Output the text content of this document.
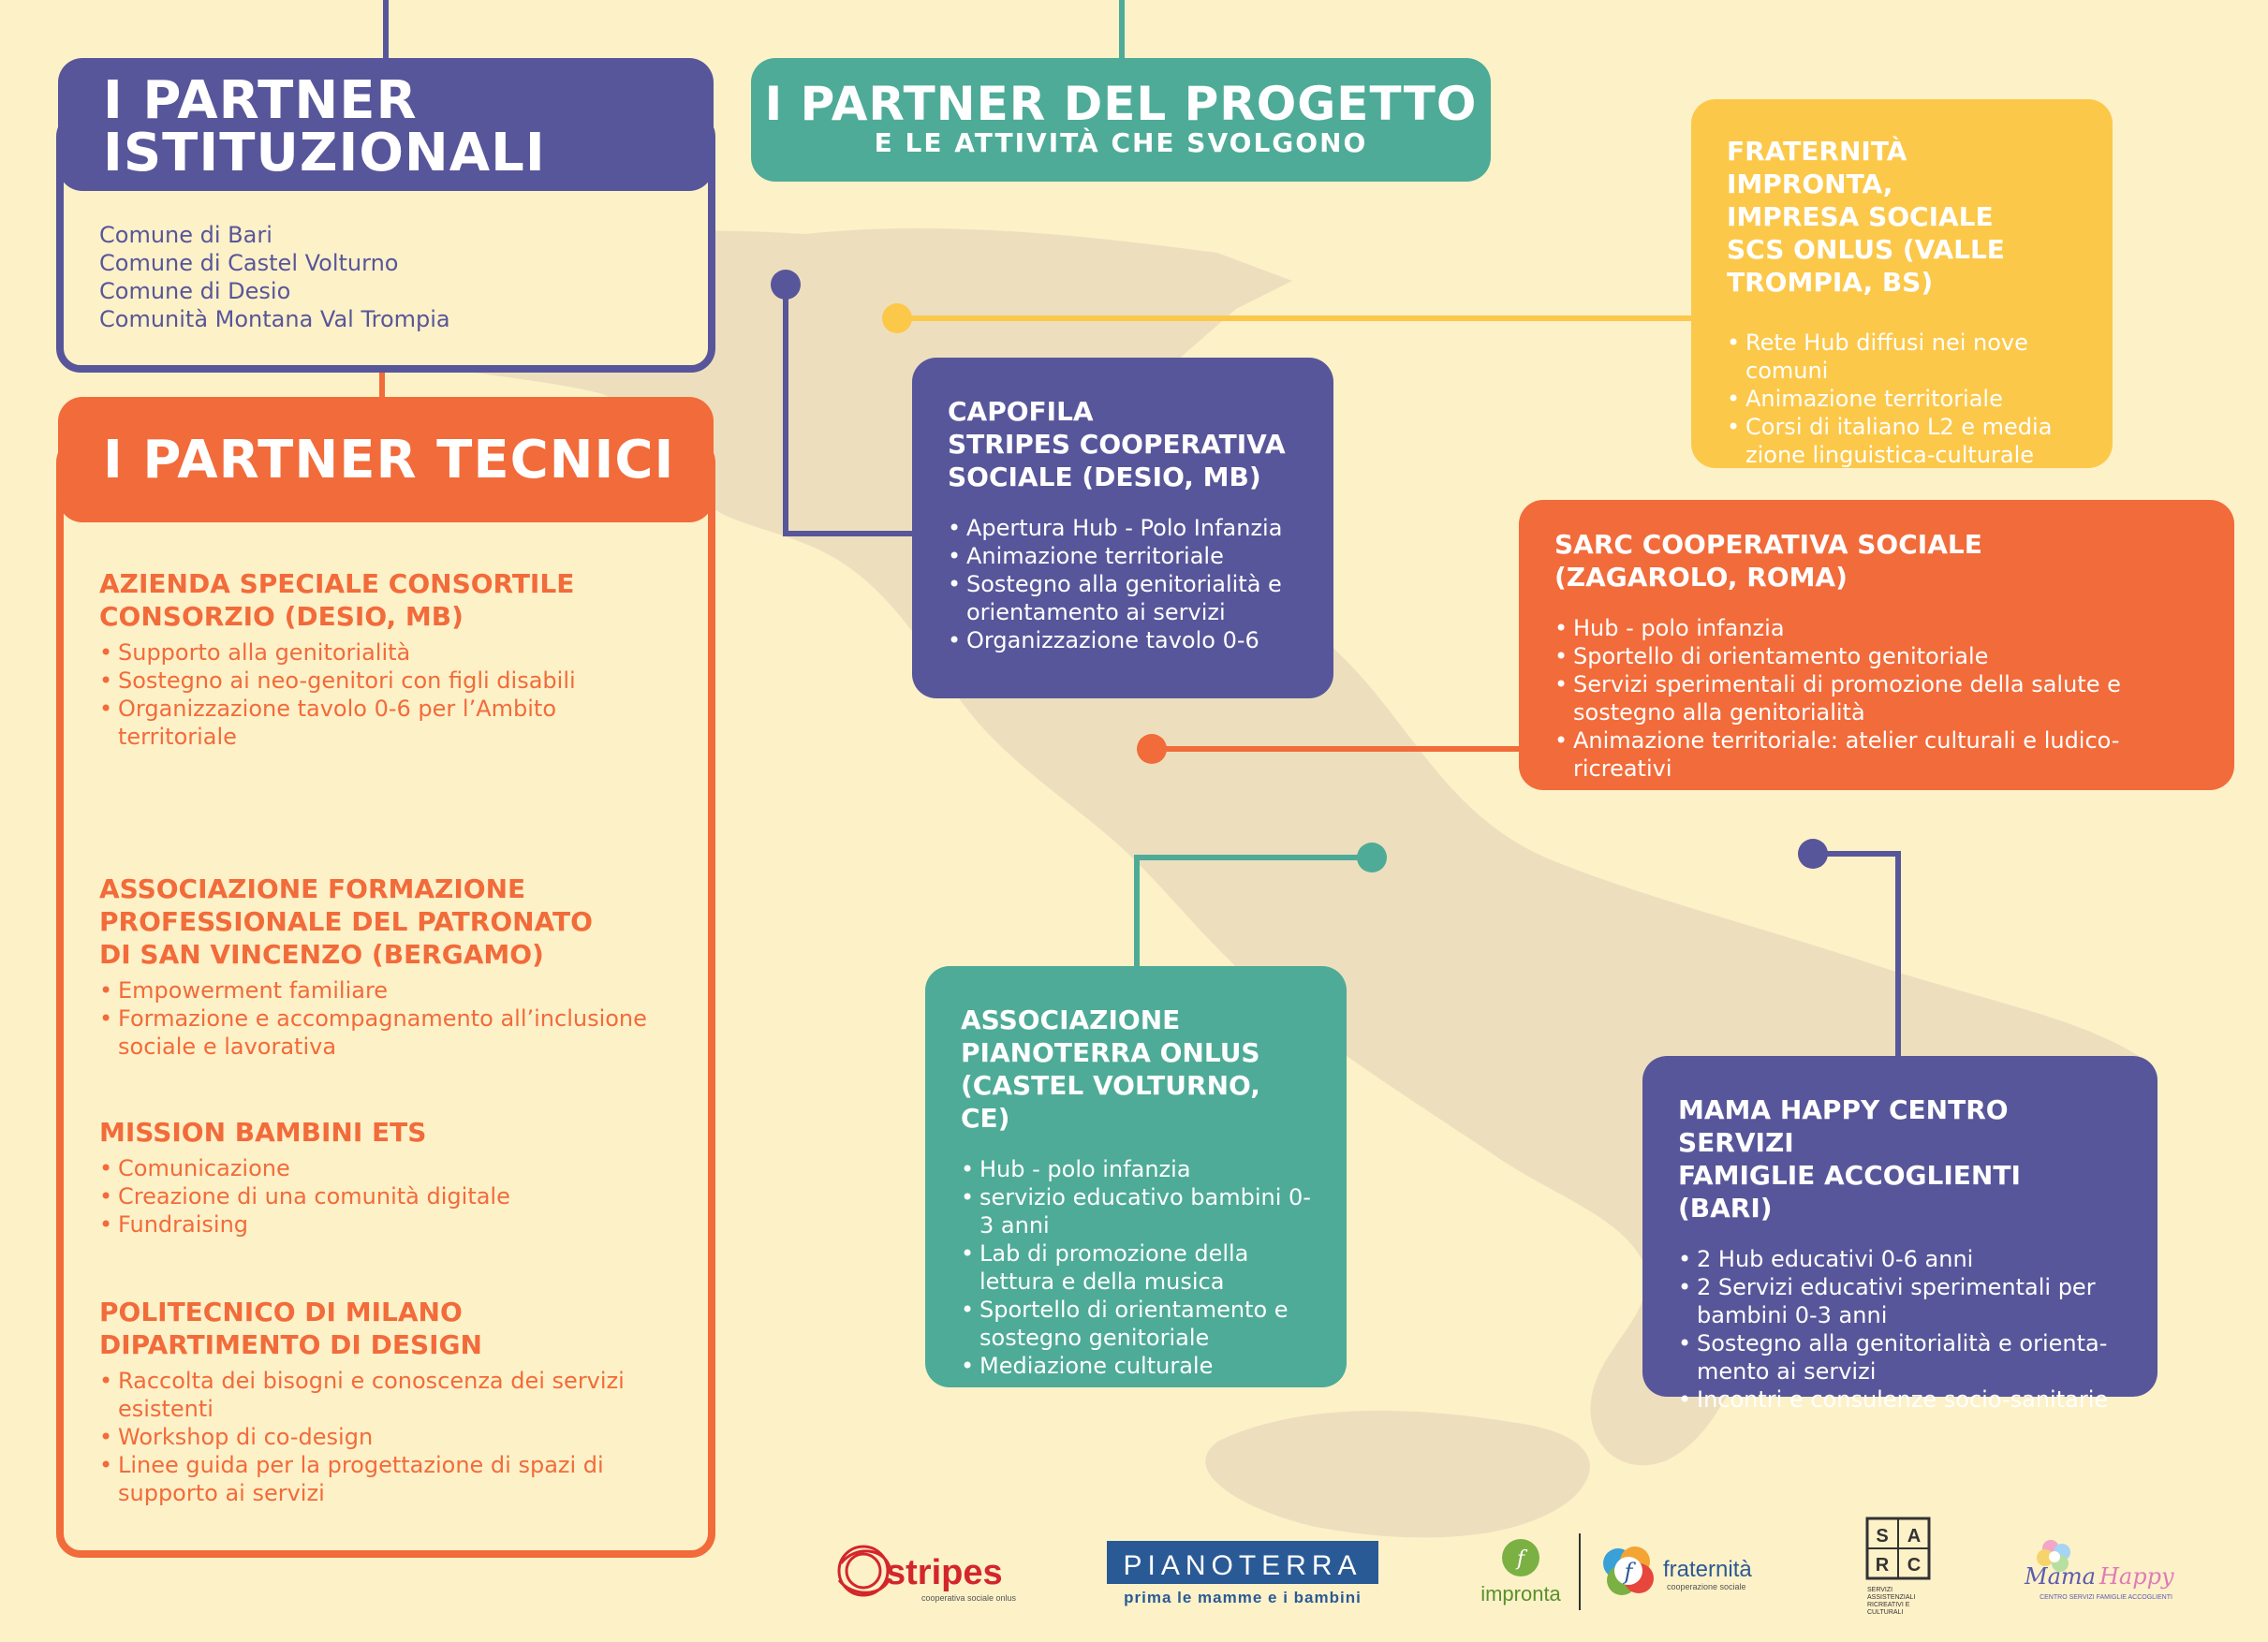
I PARTNER
ISTITUZIONALI
Comune di Bari
Comune di Castel Volturno
Comune di Desio
Comunità Montana Val Trompia
I PARTNER TECNICI
AZIENDA SPECIALE CONSORTILE
CONSORZIO (DESIO, MB)
• Supporto alla genitorialità
• Sostegno ai neo-genitori con figli disabili
• Organizzazione tavolo 0-6 per l’Ambito territoriale
ASSOCIAZIONE FORMAZIONE
PROFESSIONALE DEL PATRONATO
DI SAN VINCENZO (BERGAMO)
• Empowerment familiare
• Formazione e accompagnamento all’inclusione sociale e lavorativa
MISSION BAMBINI ETS
• Comunicazione
• Creazione di una comunità digitale
• Fundraising
POLITECNICO DI MILANO
DIPARTIMENTO DI DESIGN
• Raccolta dei bisogni e conoscenza dei servizi esistenti
• Workshop di co-design
• Linee guida per la progettazione di spazi di supporto ai servizi
I PARTNER DEL PROGETTO
E LE ATTIVITÀ CHE SVOLGONO
CAPOFILA
STRIPES COOPERATIVA
SOCIALE (DESIO, MB)
• Apertura Hub - Polo Infanzia
• Animazione territoriale
• Sostegno alla genitorialità e orientamento ai servizi
• Organizzazione tavolo 0-6
FRATERNITÀ IMPRONTA,
IMPRESA SOCIALE
SCS ONLUS (VALLE
TROMPIA, BS)
• Rete Hub diffusi nei nove comuni
• Animazione territoriale
• Corsi di italiano L2 e media zione linguistica-culturale
SARC COOPERATIVA SOCIALE
(ZAGAROLO, ROMA)
• Hub - polo infanzia
• Sportello di orientamento genitoriale
• Servizi sperimentali di promozione della salute e sostegno alla genitorialità
• Animazione territoriale: atelier culturali e ludico-ricreativi
ASSOCIAZIONE
PIANOTERRA ONLUS
(CASTEL VOLTURNO, CE)
• Hub - polo infanzia
• servizio educativo bambini 0-3 anni
• Lab di promozione della lettura e della musica
• Sportello di orientamento e sostegno genitoriale
• Mediazione culturale
MAMA HAPPY CENTRO SERVIZI
FAMIGLIE ACCOGLIENTI (BARI)
• 2 Hub educativi 0-6 anni
• 2 Servizi educativi sperimentali per bambini 0-3 anni
• Sostegno alla genitorialità e orienta- mento ai servizi
• Incontri e consulenze socio-sanitarie
stripes
cooperativa sociale onlus
PIANOTERRA
prima le mamme e i bambini
f
impronta
f fraternità
cooperazione sociale
S A
R C
SERVIZI
ASSISTENZIALI
RICREATIVI E
CULTURALI
Mama Happy
CENTRO SERVIZI FAMIGLIE ACCOGLIENTI
